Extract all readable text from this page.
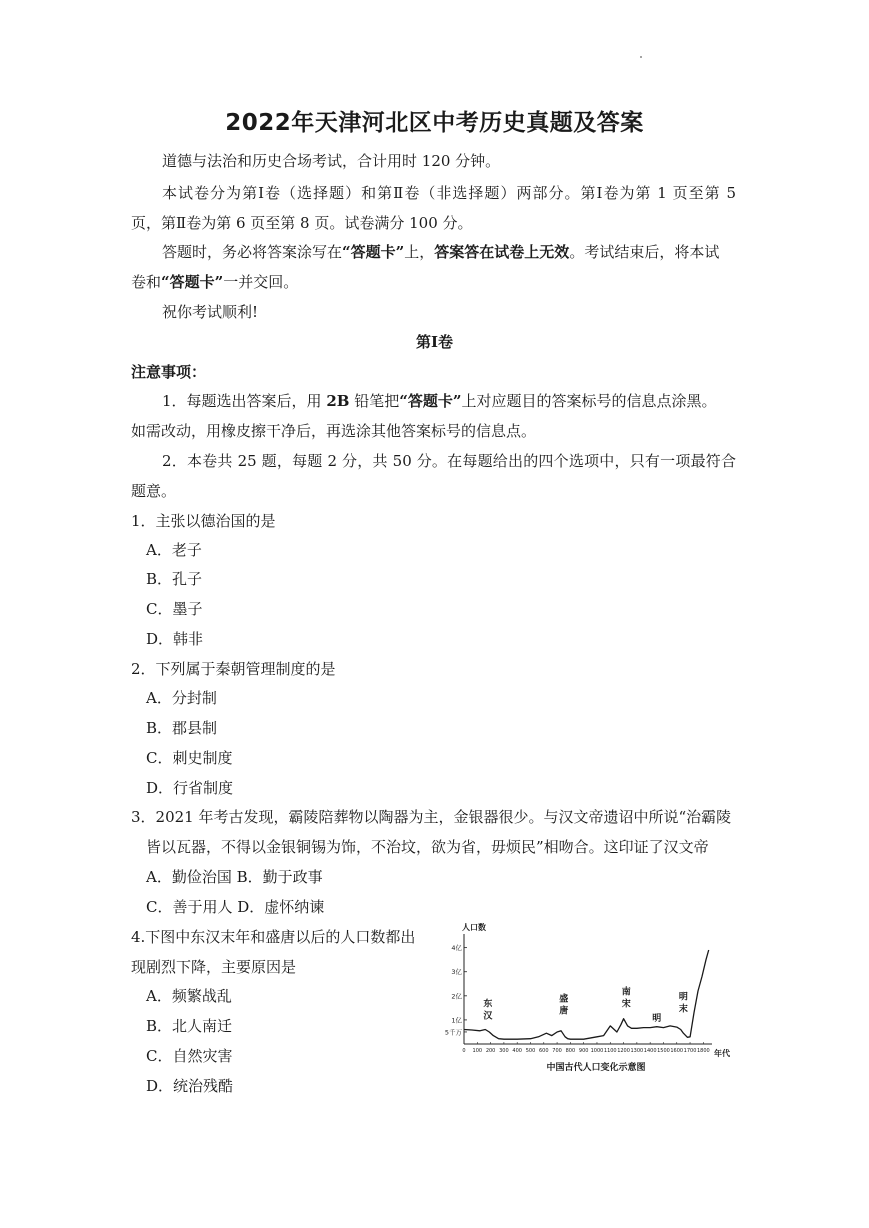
2022年天津河北区中考历史真题及答案
道德与法治和历史合场考试，合计用时 120 分钟。
本试卷分为第Ⅰ卷（选择题）和第Ⅱ卷（非选择题）两部分。第Ⅰ卷为第 1 页至第 5
页，第Ⅱ卷为第 6 页至第 8 页。试卷满分 100 分。
答题时，务必将答案涂写在“答题卡”上，答案答在试卷上无效。考试结束后，将本试
卷和“答题卡”一并交回。
祝你考试顺利!
第Ⅰ卷
注意事项：
1．每题选出答案后，用 2B 铅笔把“答题卡”上对应题目的答案标号的信息点涂黑。
如需改动，用橡皮擦干净后，再选涂其他答案标号的信息点。
2．本卷共 25 题，每题 2 分，共 50 分。在每题给出的四个选项中，只有一项最符合
题意。
1．主张以德治国的是
A．老子
B．孔子
C．墨子
D．韩非
2．下列属于秦朝管理制度的是
A．分封制
B．郡县制
C．刺史制度
D．行省制度
3．2021 年考古发现，霸陵陪葬物以陶器为主，金银器很少。与汉文帝遗诏中所说“治霸陵
皆以瓦器，不得以金银铜锡为饰，不治坟，欲为省，毋烦民”相吻合。这印证了汉文帝
A．勤俭治国 B．勤于政事
C．善于用人 D．虚怀纳谏
4.下图中东汉末年和盛唐以后的人口数都出
现剧烈下降，主要原因是
A．频繁战乱
B．北人南迁
C．自然灾害
D．统治残酷
人口数
年代
中国古代人口变化示意图
5千万
1亿
2亿
3亿
4亿
0 100 200 300 400 500 600 700 800 900 1000 1100 1200 1300 1400 1500 1600 1700 1800
东
汉
盛
唐
南
宋
明
明
末
